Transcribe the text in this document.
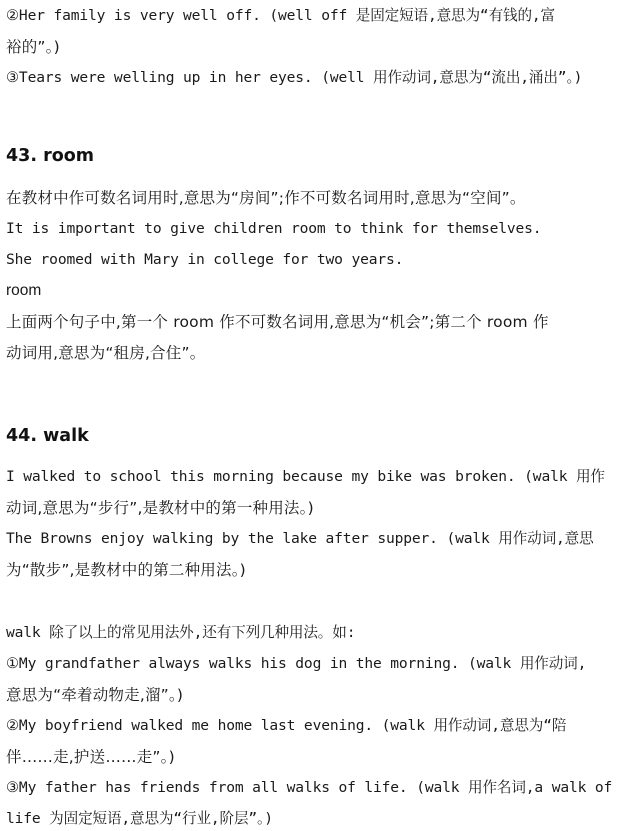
②Her family is very well off. (well off 是固定短语,意思为“有钱的,富
裕的”。)
③Tears were welling up in her eyes. (well 用作动词,意思为“流出,涌出”。)
43. room
在教材中作可数名词用时,意思为“房间”;作不可数名词用时,意思为“空间”。
It is important to give children room to think for themselves.
She roomed with Mary in college for two years.
room
上面两个句子中,第一个 room 作不可数名词用,意思为“机会”;第二个 room 作
动词用,意思为“租房,合住”。
44. walk
I walked to school this morning because my bike was broken. (walk 用作
动词,意思为“步行”,是教材中的第一种用法。)
The Browns enjoy walking by the lake after supper. (walk 用作动词,意思
为“散步”,是教材中的第二种用法。)
walk 除了以上的常见用法外,还有下列几种用法。如:
①My grandfather always walks his dog in the morning. (walk 用作动词,
意思为“牵着动物走,溜”。)
②My boyfriend walked me home last evening. (walk 用作动词,意思为“陪
伴……走,护送……走”。)
③My father has friends from all walks of life. (walk 用作名词,a walk of
life 为固定短语,意思为“行业,阶层”。)
